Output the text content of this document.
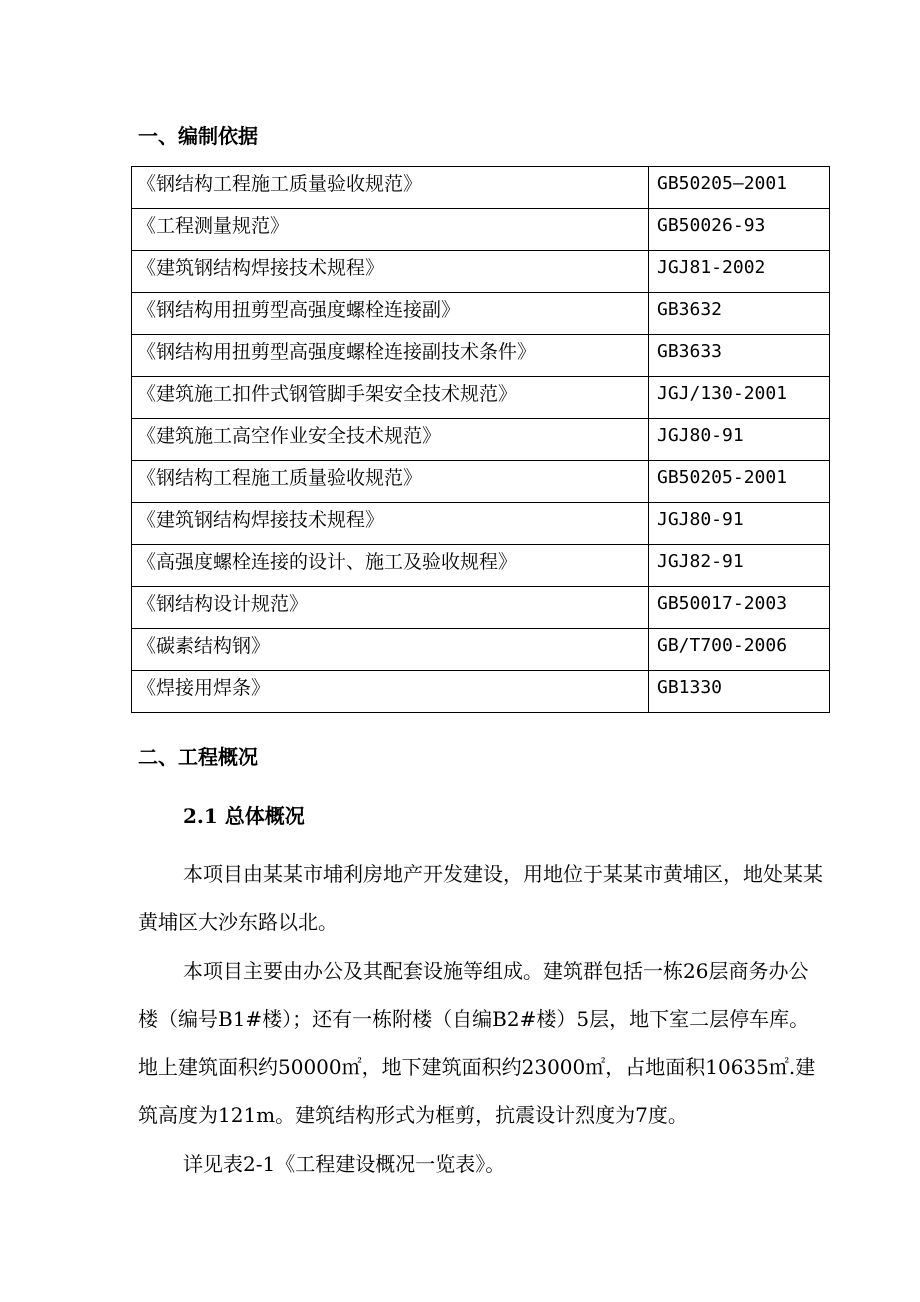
一、编制依据
《钢结构工程施工质量验收规范》	GB50205—2001
《工程测量规范》	GB50026-93
《建筑钢结构焊接技术规程》	JGJ81-2002
《钢结构用扭剪型高强度螺栓连接副》	GB3632
《钢结构用扭剪型高强度螺栓连接副技术条件》	GB3633
《建筑施工扣件式钢管脚手架安全技术规范》	JGJ/130-2001
《建筑施工高空作业安全技术规范》	JGJ80-91
《钢结构工程施工质量验收规范》	GB50205-2001
《建筑钢结构焊接技术规程》	JGJ80-91
《高强度螺栓连接的设计、施工及验收规程》	JGJ82-91
《钢结构设计规范》	GB50017-2003
《碳素结构钢》	GB/T700-2006
《焊接用焊条》	GB1330
二、工程概况
2.1 总体概况

本项目由某某市埔利房地产开发建设，用地位于某某市黄埔区，地处某某黄埔区大沙东路以北。

本项目主要由办公及其配套设施等组成。建筑群包括一栋26层商务办公楼（编号B1#楼）；还有一栋附楼（自编B2#楼）5层，地下室二层停车库。地上建筑面积约50000㎡，地下建筑面积约23000㎡，占地面积10635㎡.建筑高度为121m。建筑结构形式为框剪，抗震设计烈度为7度。

详见表2-1《工程建设概况一览表》。
